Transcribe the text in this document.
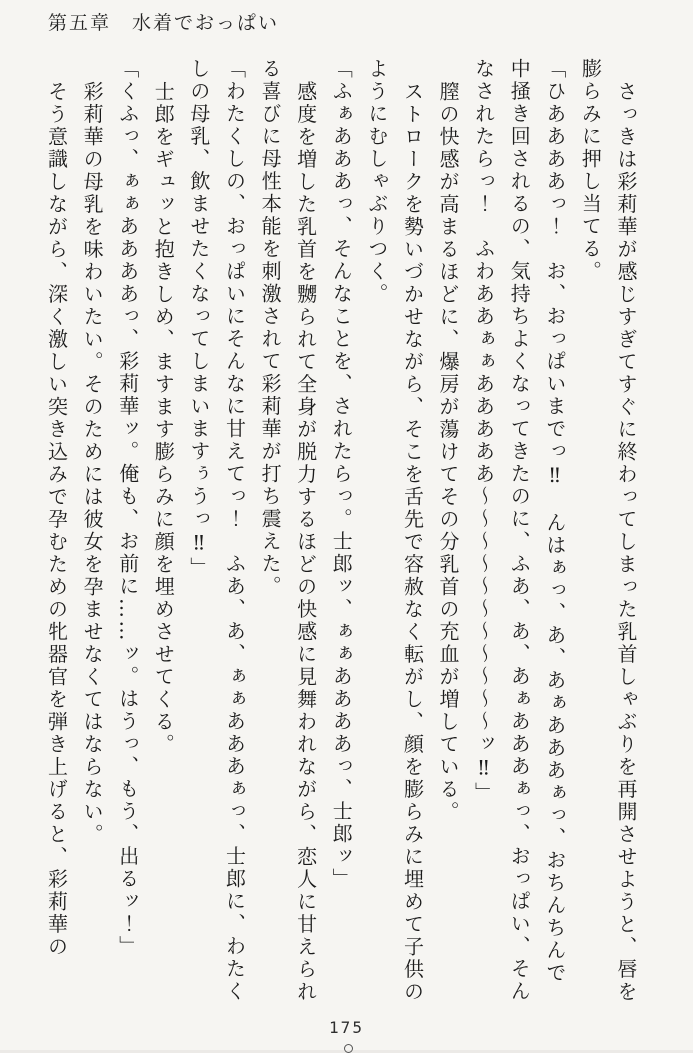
第五章　水着でおっぱい

さっきは彩莉華が感じすぎてすぐに終わってしまった乳首しゃぶりを再開させようと、唇を膨らみに押し当てる。

「ひああああっ！　お、おっぱいまでっ‼　んはぁっ、あ、あぁあああぁっ、おちんちんで中掻き回されるの、気持ちよくなってきたのに、ふあ、あ、あぁあああぁっ、おっぱい、そんなされたらっ！　ふわああぁぁあああああ〜〜〜〜〜〜〜〜〜〜〜ッ‼」

膣の快感が高まるほどに、爆房が蕩けてその分乳首の充血が増している。

ストロークを勢いづかせながら、そこを舌先で容赦なく転がし、顔を膨らみに埋めて子供のようにむしゃぶりつく。

「ふぁあああっ、そんなことを、されたらっ。士郎ッ、ぁぁああああっ、士郎ッ」

感度を増した乳首を嬲られて全身が脱力するほどの快感に見舞われながら、恋人に甘えられる喜びに母性本能を刺激されて彩莉華が打ち震えた。

「わたくしの、おっぱいにそんなに甘えてっ！　ふあ、あ、ぁぁあああぁっ、士郎に、わたくしの母乳、飲ませたくなってしまいますぅうっ‼」

士郎をギュッと抱きしめ、ますます膨らみに顔を埋めさせてくる。

「くふっ、ぁぁああああっ、彩莉華ッ。俺も、お前に……ッ。はうっ、もう、出るッ！」

彩莉華の母乳を味わいたい。そのためには彼女を孕ませなくてはならない。

そう意識しながら、深く激しい突き込みで孕むための牝器官を弾き上げると、彩莉華の

175
